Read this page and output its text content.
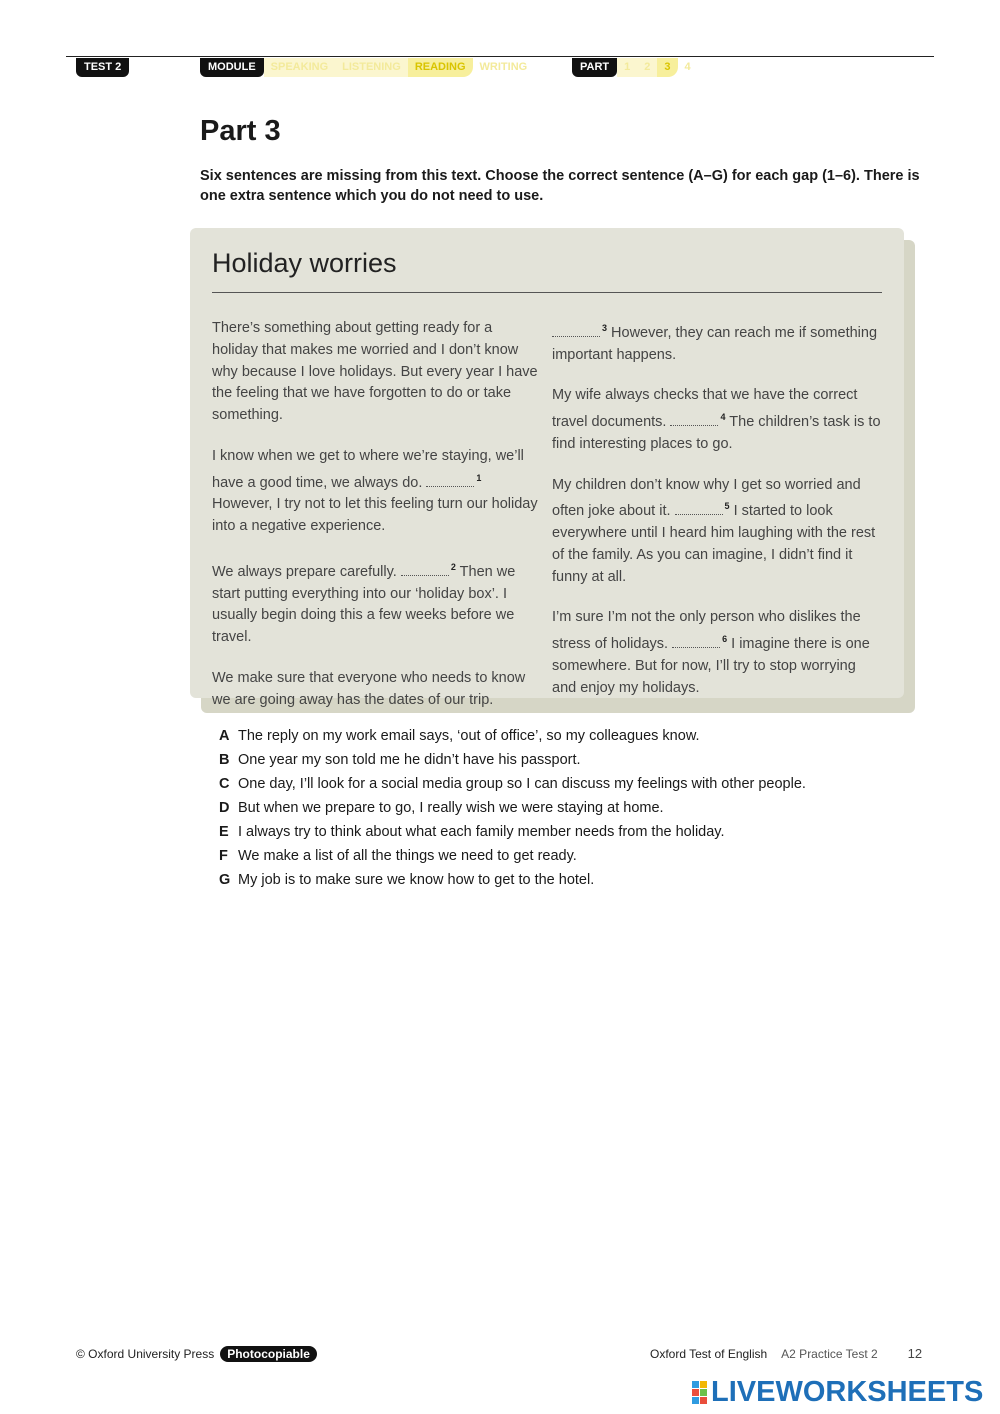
TEST 2	MODULE	SPEAKING	LISTENING	READING	WRITING	PART	1	2	3	4
Part 3

Six sentences are missing from this text. Choose the correct sentence (A–G) for each gap (1–6). There is one extra sentence which you do not need to use.

Holiday worries

There’s something about getting ready for a holiday that makes me worried and I don’t know why because I love holidays. But every year I have the feeling that we have forgotten to do or take something.

I know when we get to where we’re staying, we’ll have a good time, we always do.	$^1$ However, I try not to let this feeling turn our holiday into a negative experience.

We always prepare carefully.	$^2$ Then we start putting everything into our ‘holiday box’. I usually begin doing this a few weeks before we travel.

We make sure that everyone who needs to know we are going away has the dates of our trip.

$^3$ However, they can reach me if something important happens.

My wife always checks that we have the correct travel documents.	$^4$ The children’s task is to find interesting places to go.

My children don’t know why I get so worried and often joke about it.	$^5$ I started to look everywhere until I heard him laughing with the rest of the family. As you can imagine, I didn’t find it funny at all.

I’m sure I’m not the only person who dislikes the stress of holidays.	$^6$ I imagine there is one somewhere. But for now, I’ll try to stop worrying and enjoy my holidays.

A The reply on my work email says, ‘out of office’, so my colleagues know.
B One year my son told me he didn’t have his passport.
C One day, I’ll look for a social media group so I can discuss my feelings with other people.
D But when we prepare to go, I really wish we were staying at home.
E I always try to think about what each family member needs from the holiday.
F We make a list of all the things we need to get ready.
G My job is to make sure we know how to get to the hotel.
© Oxford University Press	Photocopiable	Oxford Test of English A2 Practice Test 2 12
LIVEWORKSHEETS
